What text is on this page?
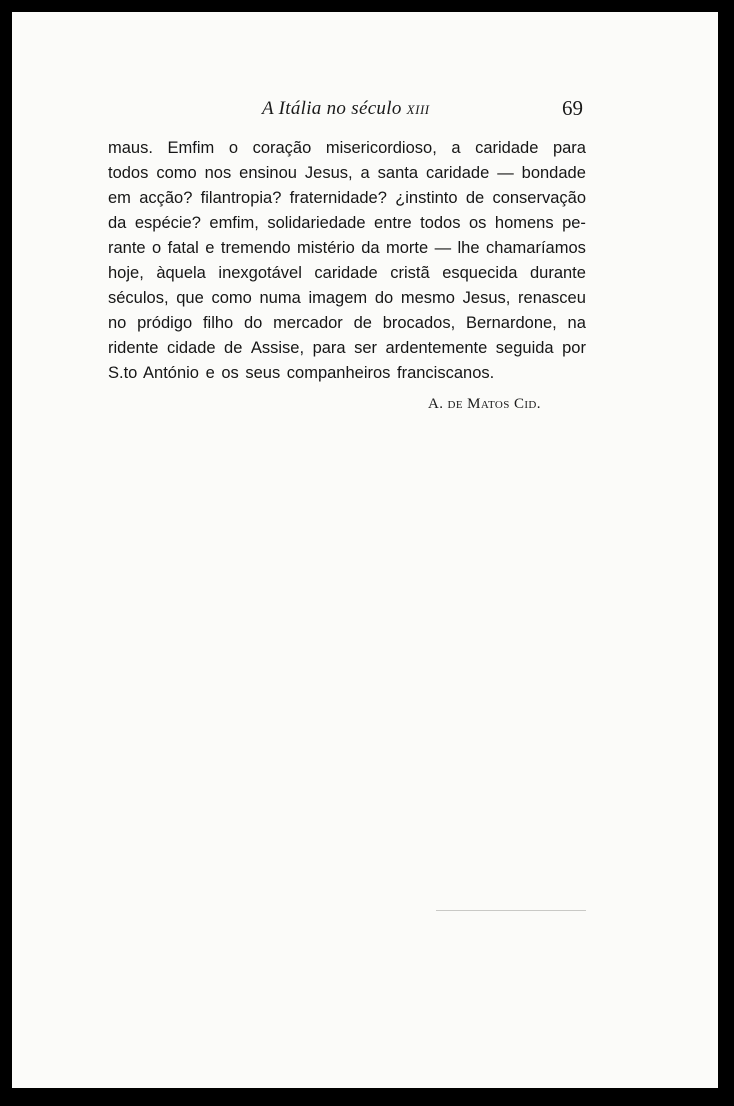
A Itália no século XIII	69
maus. Emfim o coração misericordioso, a caridade para
todos como nos ensinou Jesus, a santa caridade — bondade
em acção? filantropia? fraternidade? ¿instinto de conservação
da espécie? emfim, solidariedade entre todos os homens pe-
rante o fatal e tremendo mistério da morte — lhe chamaríamos
hoje, àquela inexgotável caridade cristã esquecida durante
séculos, que como numa imagem do mesmo Jesus, renasceu
no pródigo filho do mercador de brocados, Bernardone, na
ridente cidade de Assise, para ser ardentemente seguida por
S.to António e os seus companheiros franciscanos.
A. de Matos Cid.
